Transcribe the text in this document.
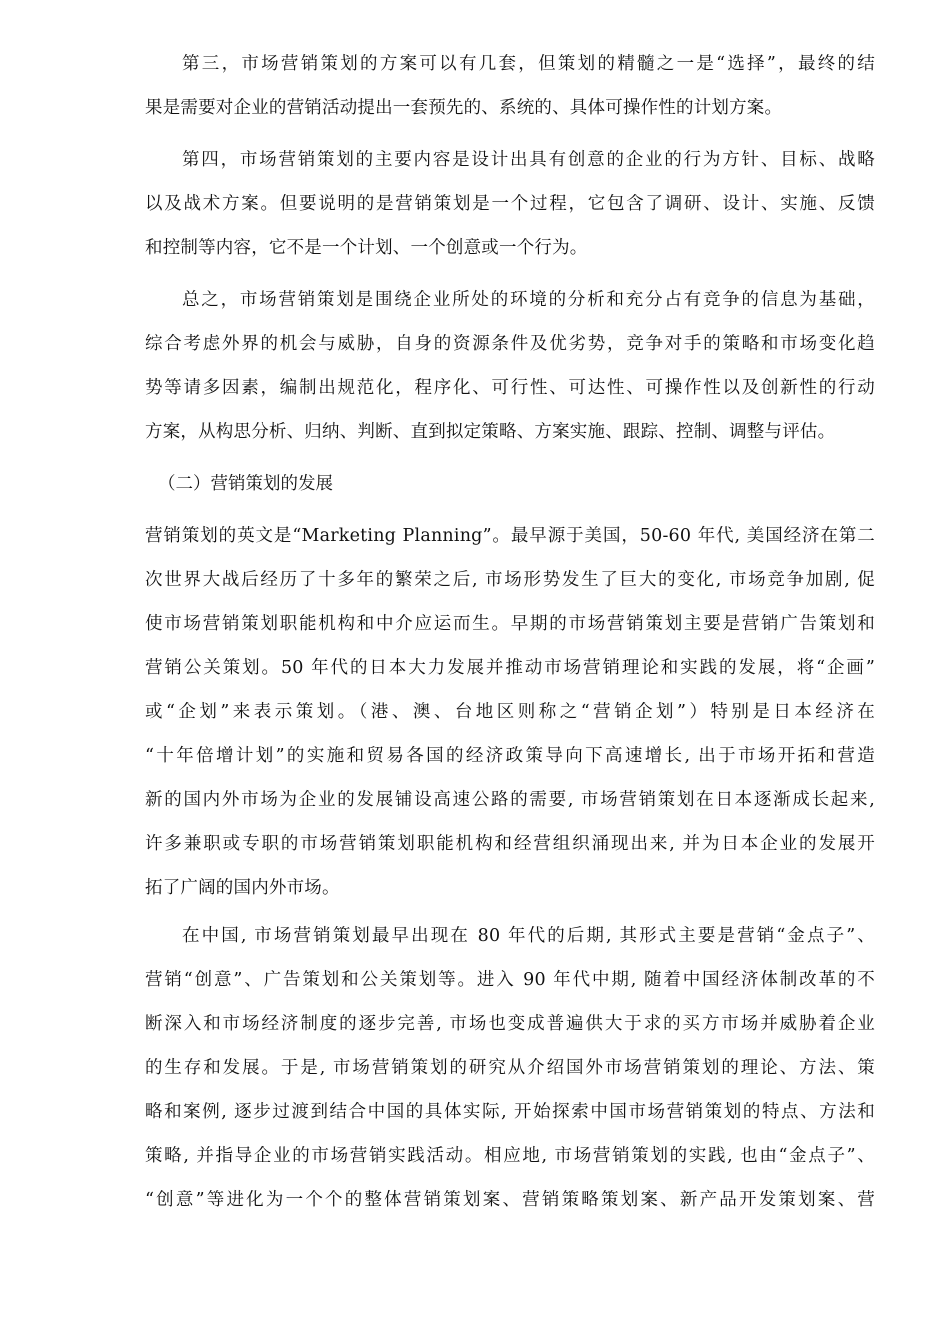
第三，市场营销策划的方案可以有几套，但策划的精髓之一是“选择”，最终的结
果是需要对企业的营销活动提出一套预先的、系统的、具体可操作性的计划方案。

第四，市场营销策划的主要内容是设计出具有创意的企业的行为方针、目标、战略
以及战术方案。但要说明的是营销策划是一个过程，它包含了调研、设计、实施、反馈
和控制等内容，它不是一个计划、一个创意或一个行为。

总之，市场营销策划是围绕企业所处的环境的分析和充分占有竞争的信息为基础，
综合考虑外界的机会与威胁，自身的资源条件及优劣势，竞争对手的策略和市场变化趋
势等请多因素，编制出规范化，程序化、可行性、可达性、可操作性以及创新性的行动
方案，从构思分析、归纳、判断、直到拟定策略、方案实施、跟踪、控制、调整与评估。

（二）营销策划的发展

营销策划的英文是“Marketing Planning”。最早源于美国，50-60 年代, 美国经济在第二
次世界大战后经历了十多年的繁荣之后, 市场形势发生了巨大的变化, 市场竞争加剧, 促
使市场营销策划职能机构和中介应运而生。早期的市场营销策划主要是营销广告策划和
营销公关策划。50 年代的日本大力发展并推动市场营销理论和实践的发展，将“企画”
或“企划”来表示策划。（港、澳、台地区则称之“营销企划”）特别是日本经济在
“十年倍增计划”的实施和贸易各国的经济政策导向下高速增长, 出于市场开拓和营造
新的国内外市场为企业的发展铺设高速公路的需要, 市场营销策划在日本逐渐成长起来,
许多兼职或专职的市场营销策划职能机构和经营组织涌现出来, 并为日本企业的发展开
拓了广阔的国内外市场。

在中国, 市场营销策划最早出现在 80 年代的后期, 其形式主要是营销“金点子”、
营销“创意”、广告策划和公关策划等。进入 90 年代中期, 随着中国经济体制改革的不
断深入和市场经济制度的逐步完善, 市场也变成普遍供大于求的买方市场并威胁着企业
的生存和发展。于是, 市场营销策划的研究从介绍国外市场营销策划的理论、方法、策
略和案例, 逐步过渡到结合中国的具体实际, 开始探索中国市场营销策划的特点、方法和
策略, 并指导企业的市场营销实践活动。相应地, 市场营销策划的实践, 也由“金点子”、
“创意”等进化为一个个的整体营销策划案、营销策略策划案、新产品开发策划案、营
